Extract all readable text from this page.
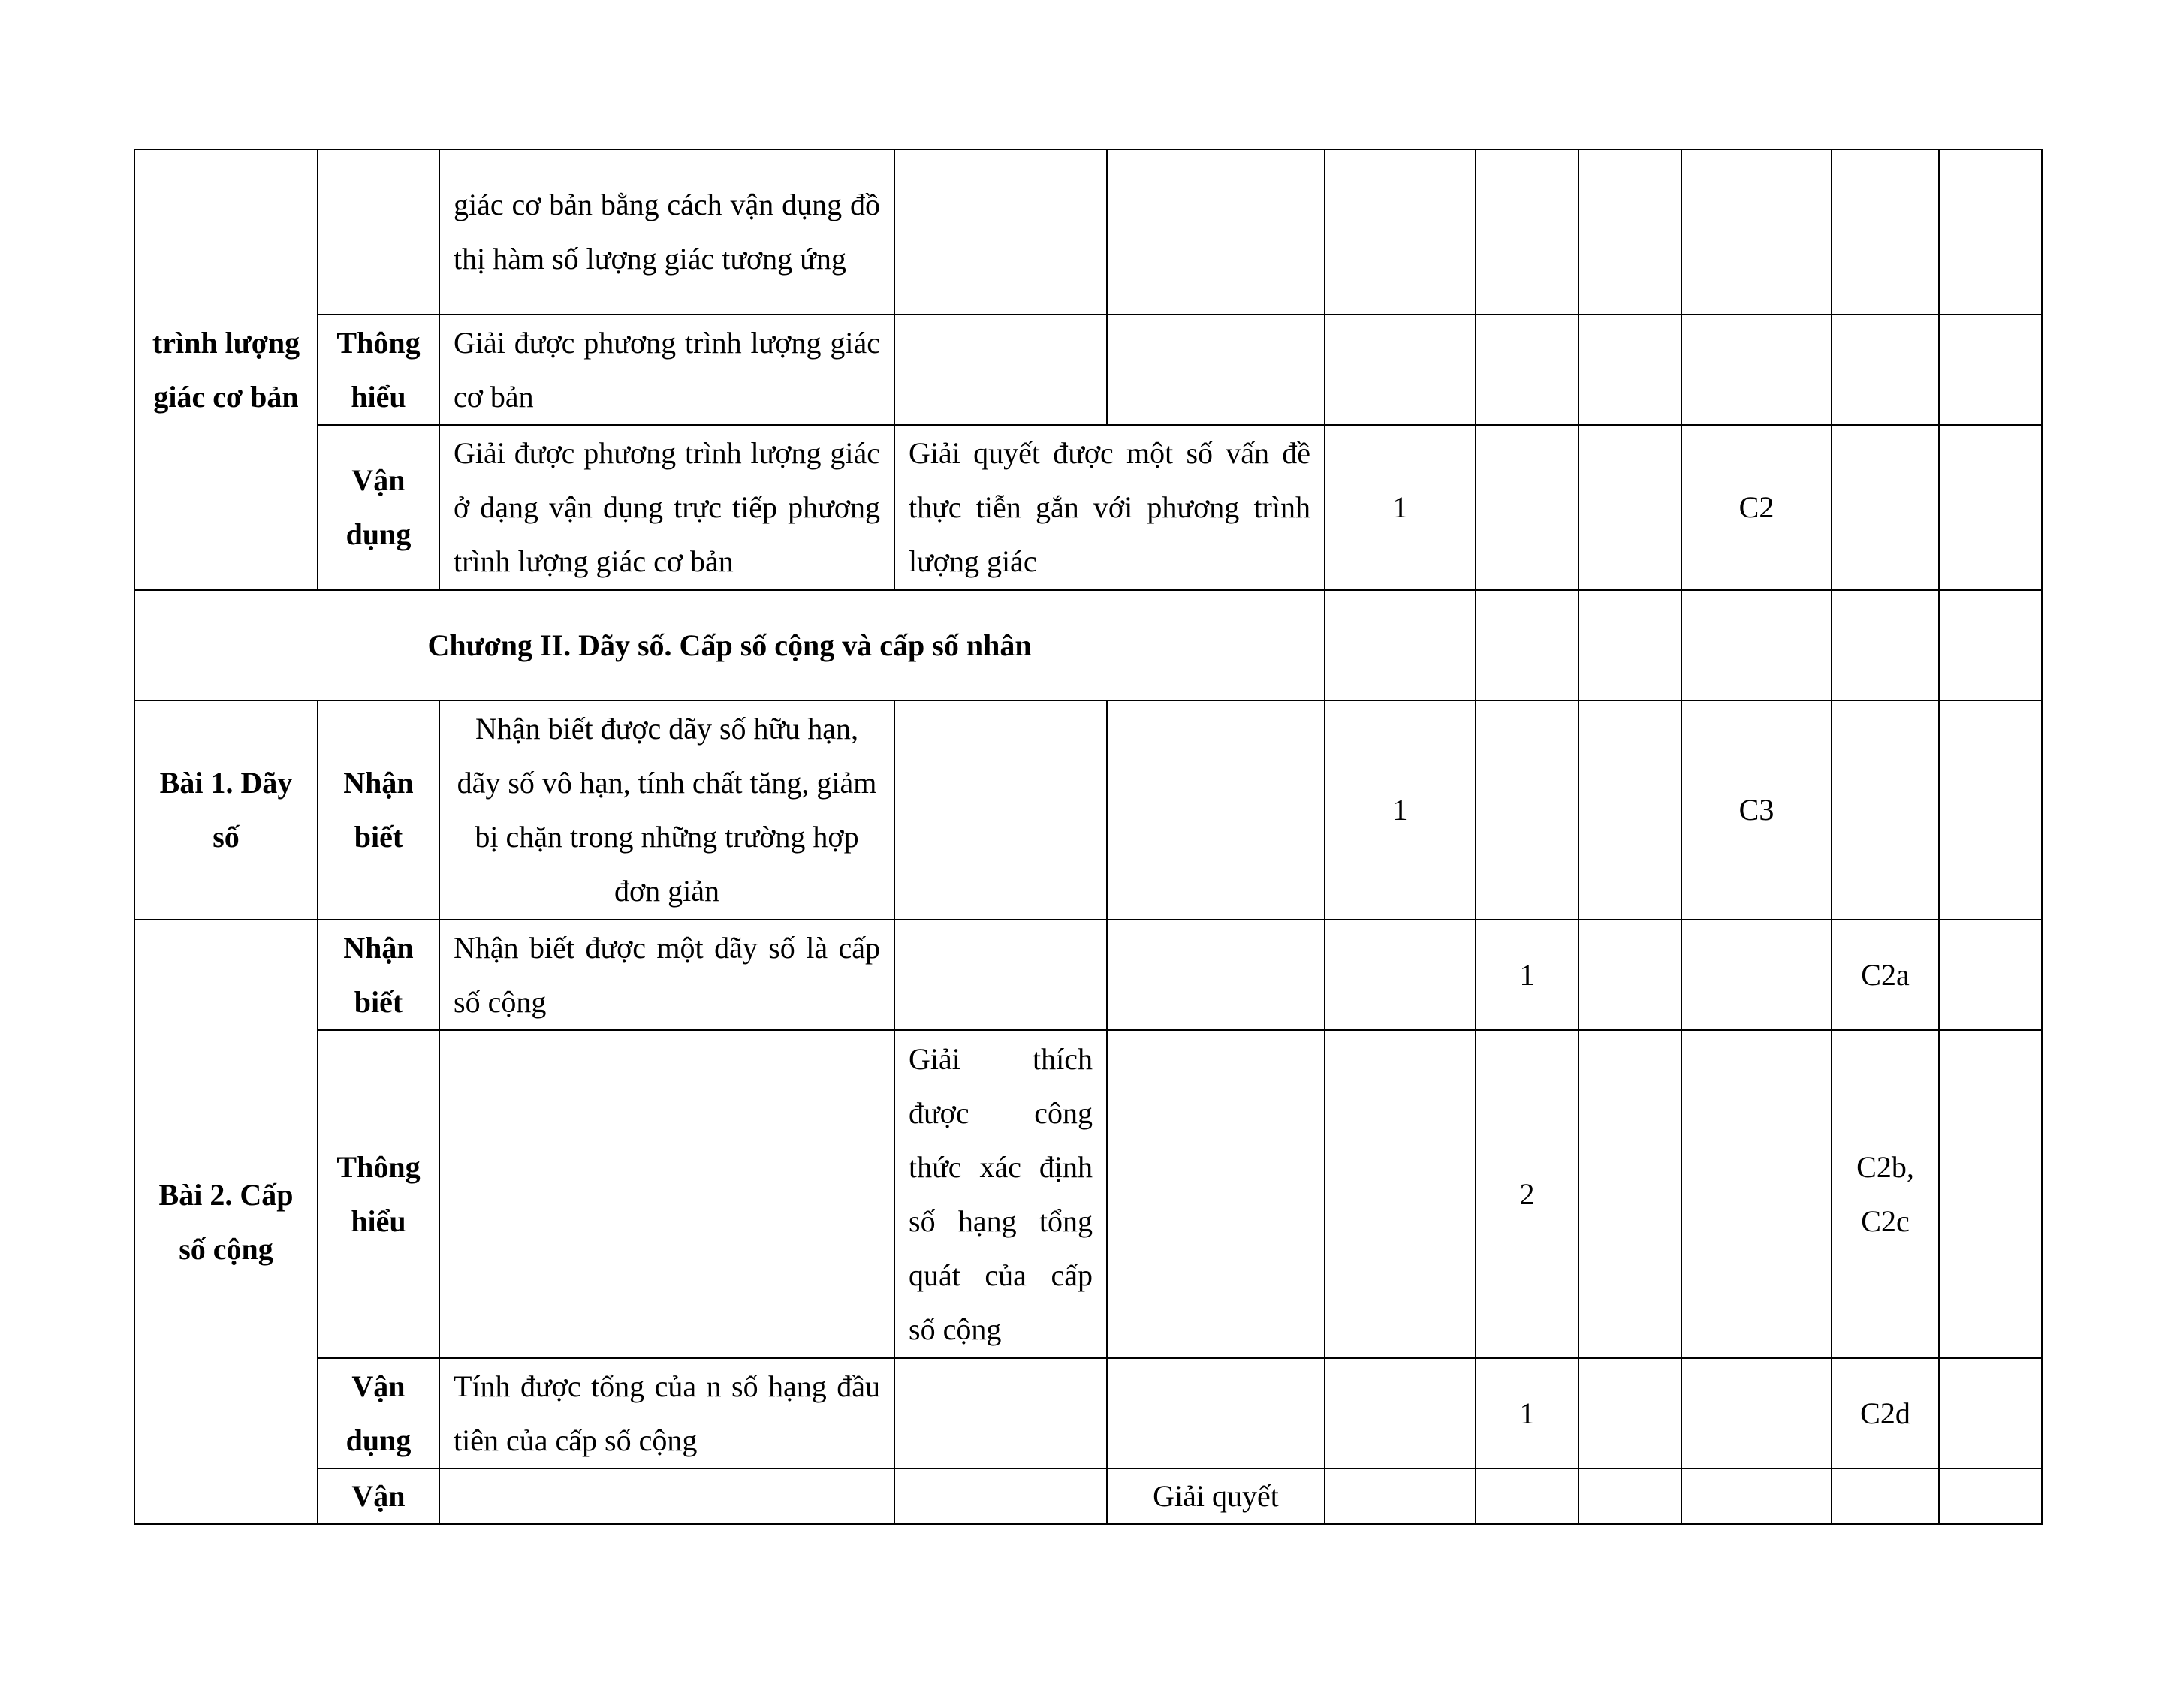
trình lượng giác cơ bản		giác cơ bản bằng cách vận dụng đồ thị hàm số lượng giác tương ứng								
	Thông hiểu	Giải được phương trình lượng giác cơ bản								
	Vận dụng	Giải được phương trình lượng giác ở dạng vận dụng trực tiếp phương trình lượng giác cơ bản	Giải quyết được một số vấn đề thực tiễn gắn với phương trình lượng giác		1			C2		
Chương II. Dãy số. Cấp số cộng và cấp số nhân										
Bài 1. Dãy số	Nhận biết	Nhận biết được dãy số hữu hạn, dãy số vô hạn, tính chất tăng, giảm bị chặn trong những trường hợp đơn giản			1			C3		
Bài 2. Cấp số cộng	Nhận biết	Nhận biết được một dãy số là cấp số cộng				1			C2a	
	Thông hiểu		Giải thích được công thức xác định số hạng tổng quát của cấp số cộng			2			C2b, C2c	
	Vận dụng	Tính được tổng của n số hạng đầu tiên của cấp số cộng				1			C2d	
	Vận			Giải quyết						
